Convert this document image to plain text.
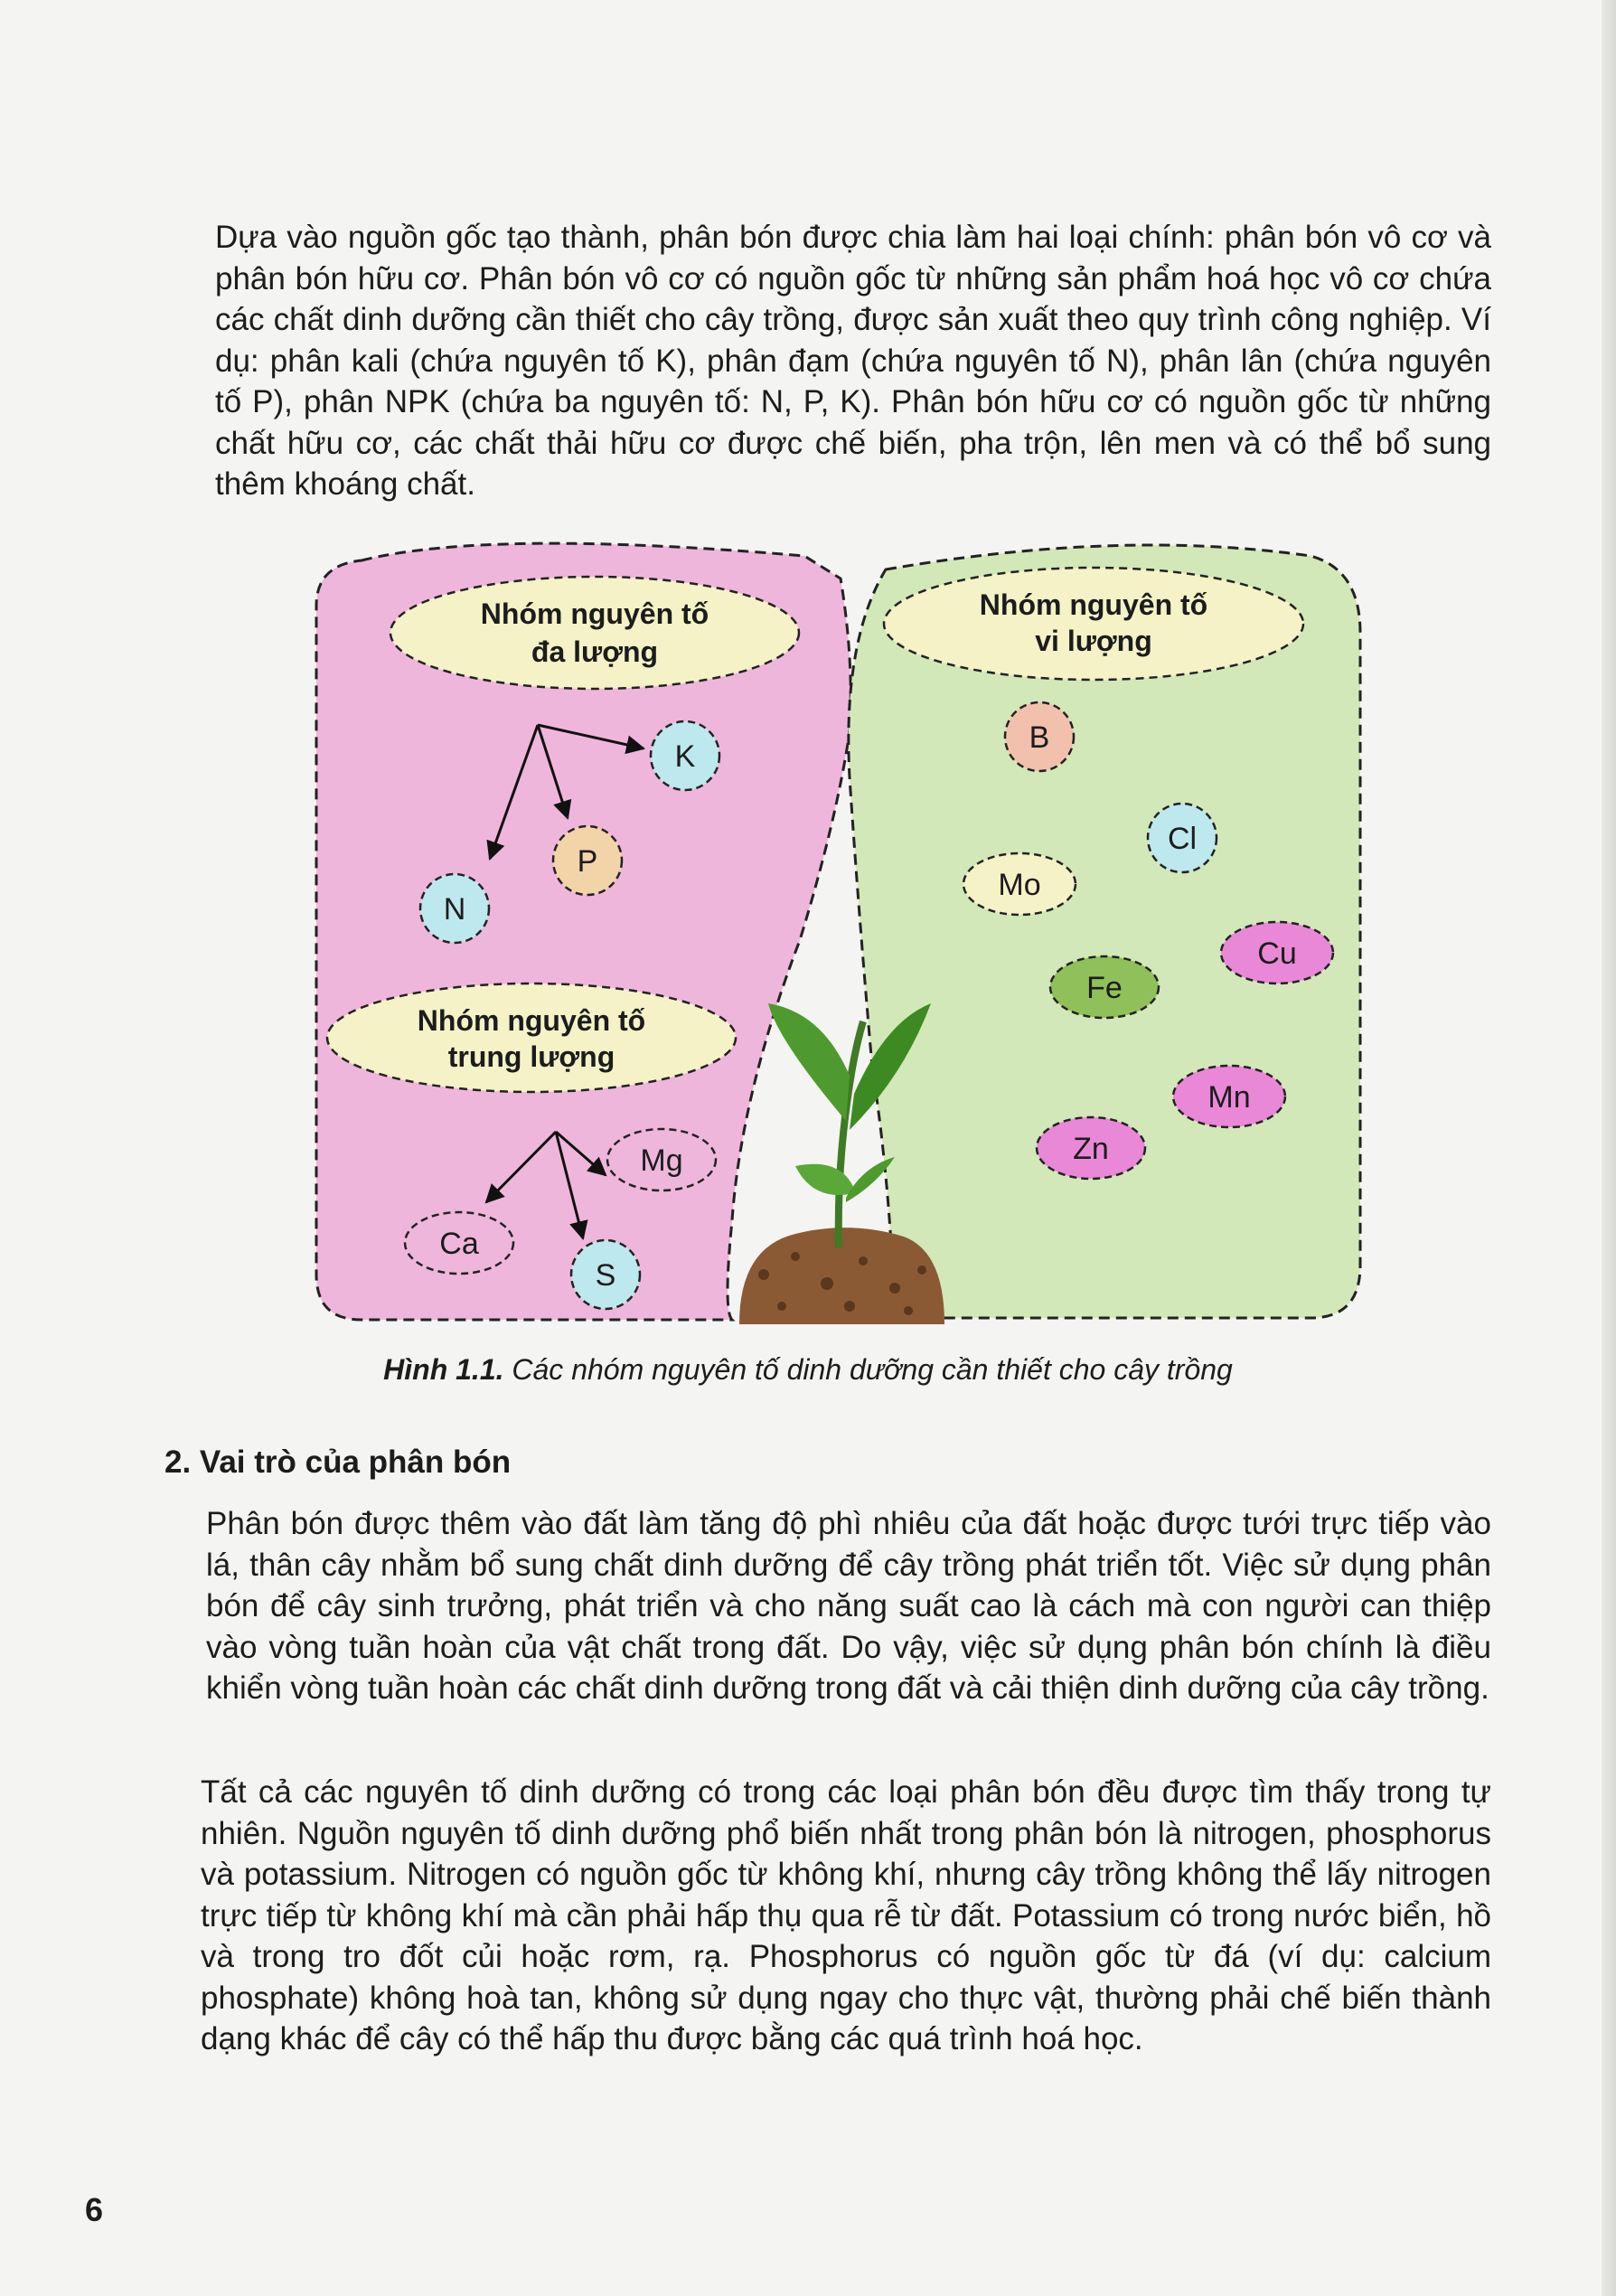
Dựa vào nguồn gốc tạo thành, phân bón được chia làm hai loại chính: phân bón vô cơ và phân bón hữu cơ. Phân bón vô cơ có nguồn gốc từ những sản phẩm hoá học vô cơ chứa các chất dinh dưỡng cần thiết cho cây trồng, được sản xuất theo quy trình công nghiệp. Ví dụ: phân kali (chứa nguyên tố K), phân đạm (chứa nguyên tố N), phân lân (chứa nguyên tố P), phân NPK (chứa ba nguyên tố: N, P, K). Phân bón hữu cơ có nguồn gốc từ những chất hữu cơ, các chất thải hữu cơ được chế biến, pha trộn, lên men và có thể bổ sung thêm khoáng chất.

Nhóm nguyên tố
đa lượng
Nhóm nguyên tố
trung lượng
Nhóm nguyên tố
vi lượng
K
P
N
Mg
Ca
S
B
Cl
Mo
Cu
Fe
Mn
Zn
Hình 1.1. Các nhóm nguyên tố dinh dưỡng cần thiết cho cây trồng
2. Vai trò của phân bón

Phân bón được thêm vào đất làm tăng độ phì nhiêu của đất hoặc được tưới trực tiếp vào lá, thân cây nhằm bổ sung chất dinh dưỡng để cây trồng phát triển tốt. Việc sử dụng phân bón để cây sinh trưởng, phát triển và cho năng suất cao là cách mà con người can thiệp vào vòng tuần hoàn của vật chất trong đất. Do vậy, việc sử dụng phân bón chính là điều khiển vòng tuần hoàn các chất dinh dưỡng trong đất và cải thiện dinh dưỡng của cây trồng.

Tất cả các nguyên tố dinh dưỡng có trong các loại phân bón đều được tìm thấy trong tự nhiên. Nguồn nguyên tố dinh dưỡng phổ biến nhất trong phân bón là nitrogen, phosphorus và potassium. Nitrogen có nguồn gốc từ không khí, nhưng cây trồng không thể lấy nitrogen trực tiếp từ không khí mà cần phải hấp thụ qua rễ từ đất. Potassium có trong nước biển, hồ và trong tro đốt củi hoặc rơm, rạ. Phosphorus có nguồn gốc từ đá (ví dụ: calcium phosphate) không hoà tan, không sử dụng ngay cho thực vật, thường phải chế biến thành dạng khác để cây có thể hấp thu được bằng các quá trình hoá học.

6
